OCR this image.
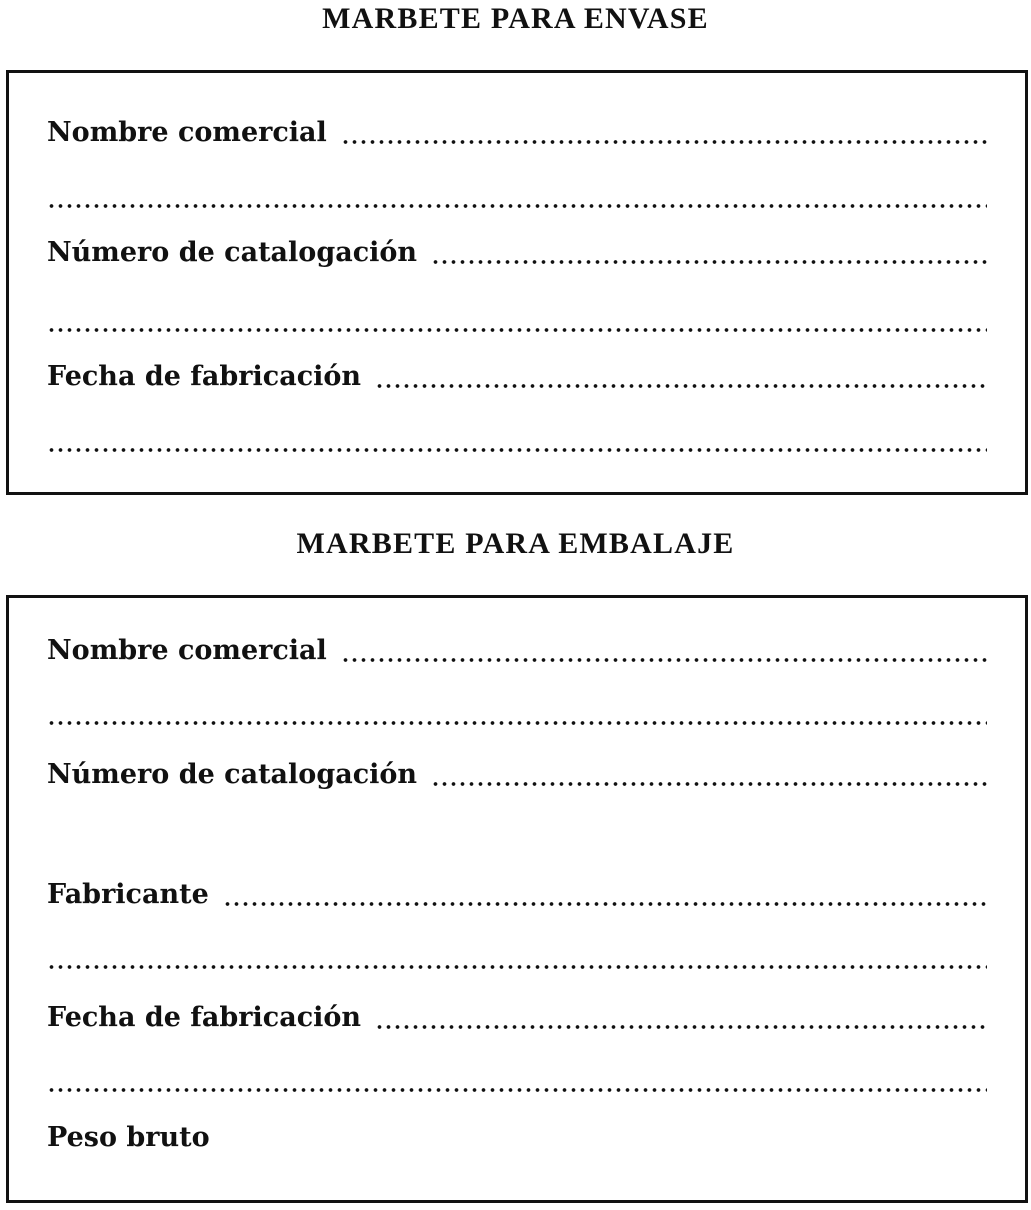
MARBETE PARA ENVASE
Nombre comercial
Número de catalogación
Fecha de fabricación
MARBETE PARA EMBALAJE
Nombre comercial
Número de catalogación
Fabricante
Fecha de fabricación
Peso bruto
